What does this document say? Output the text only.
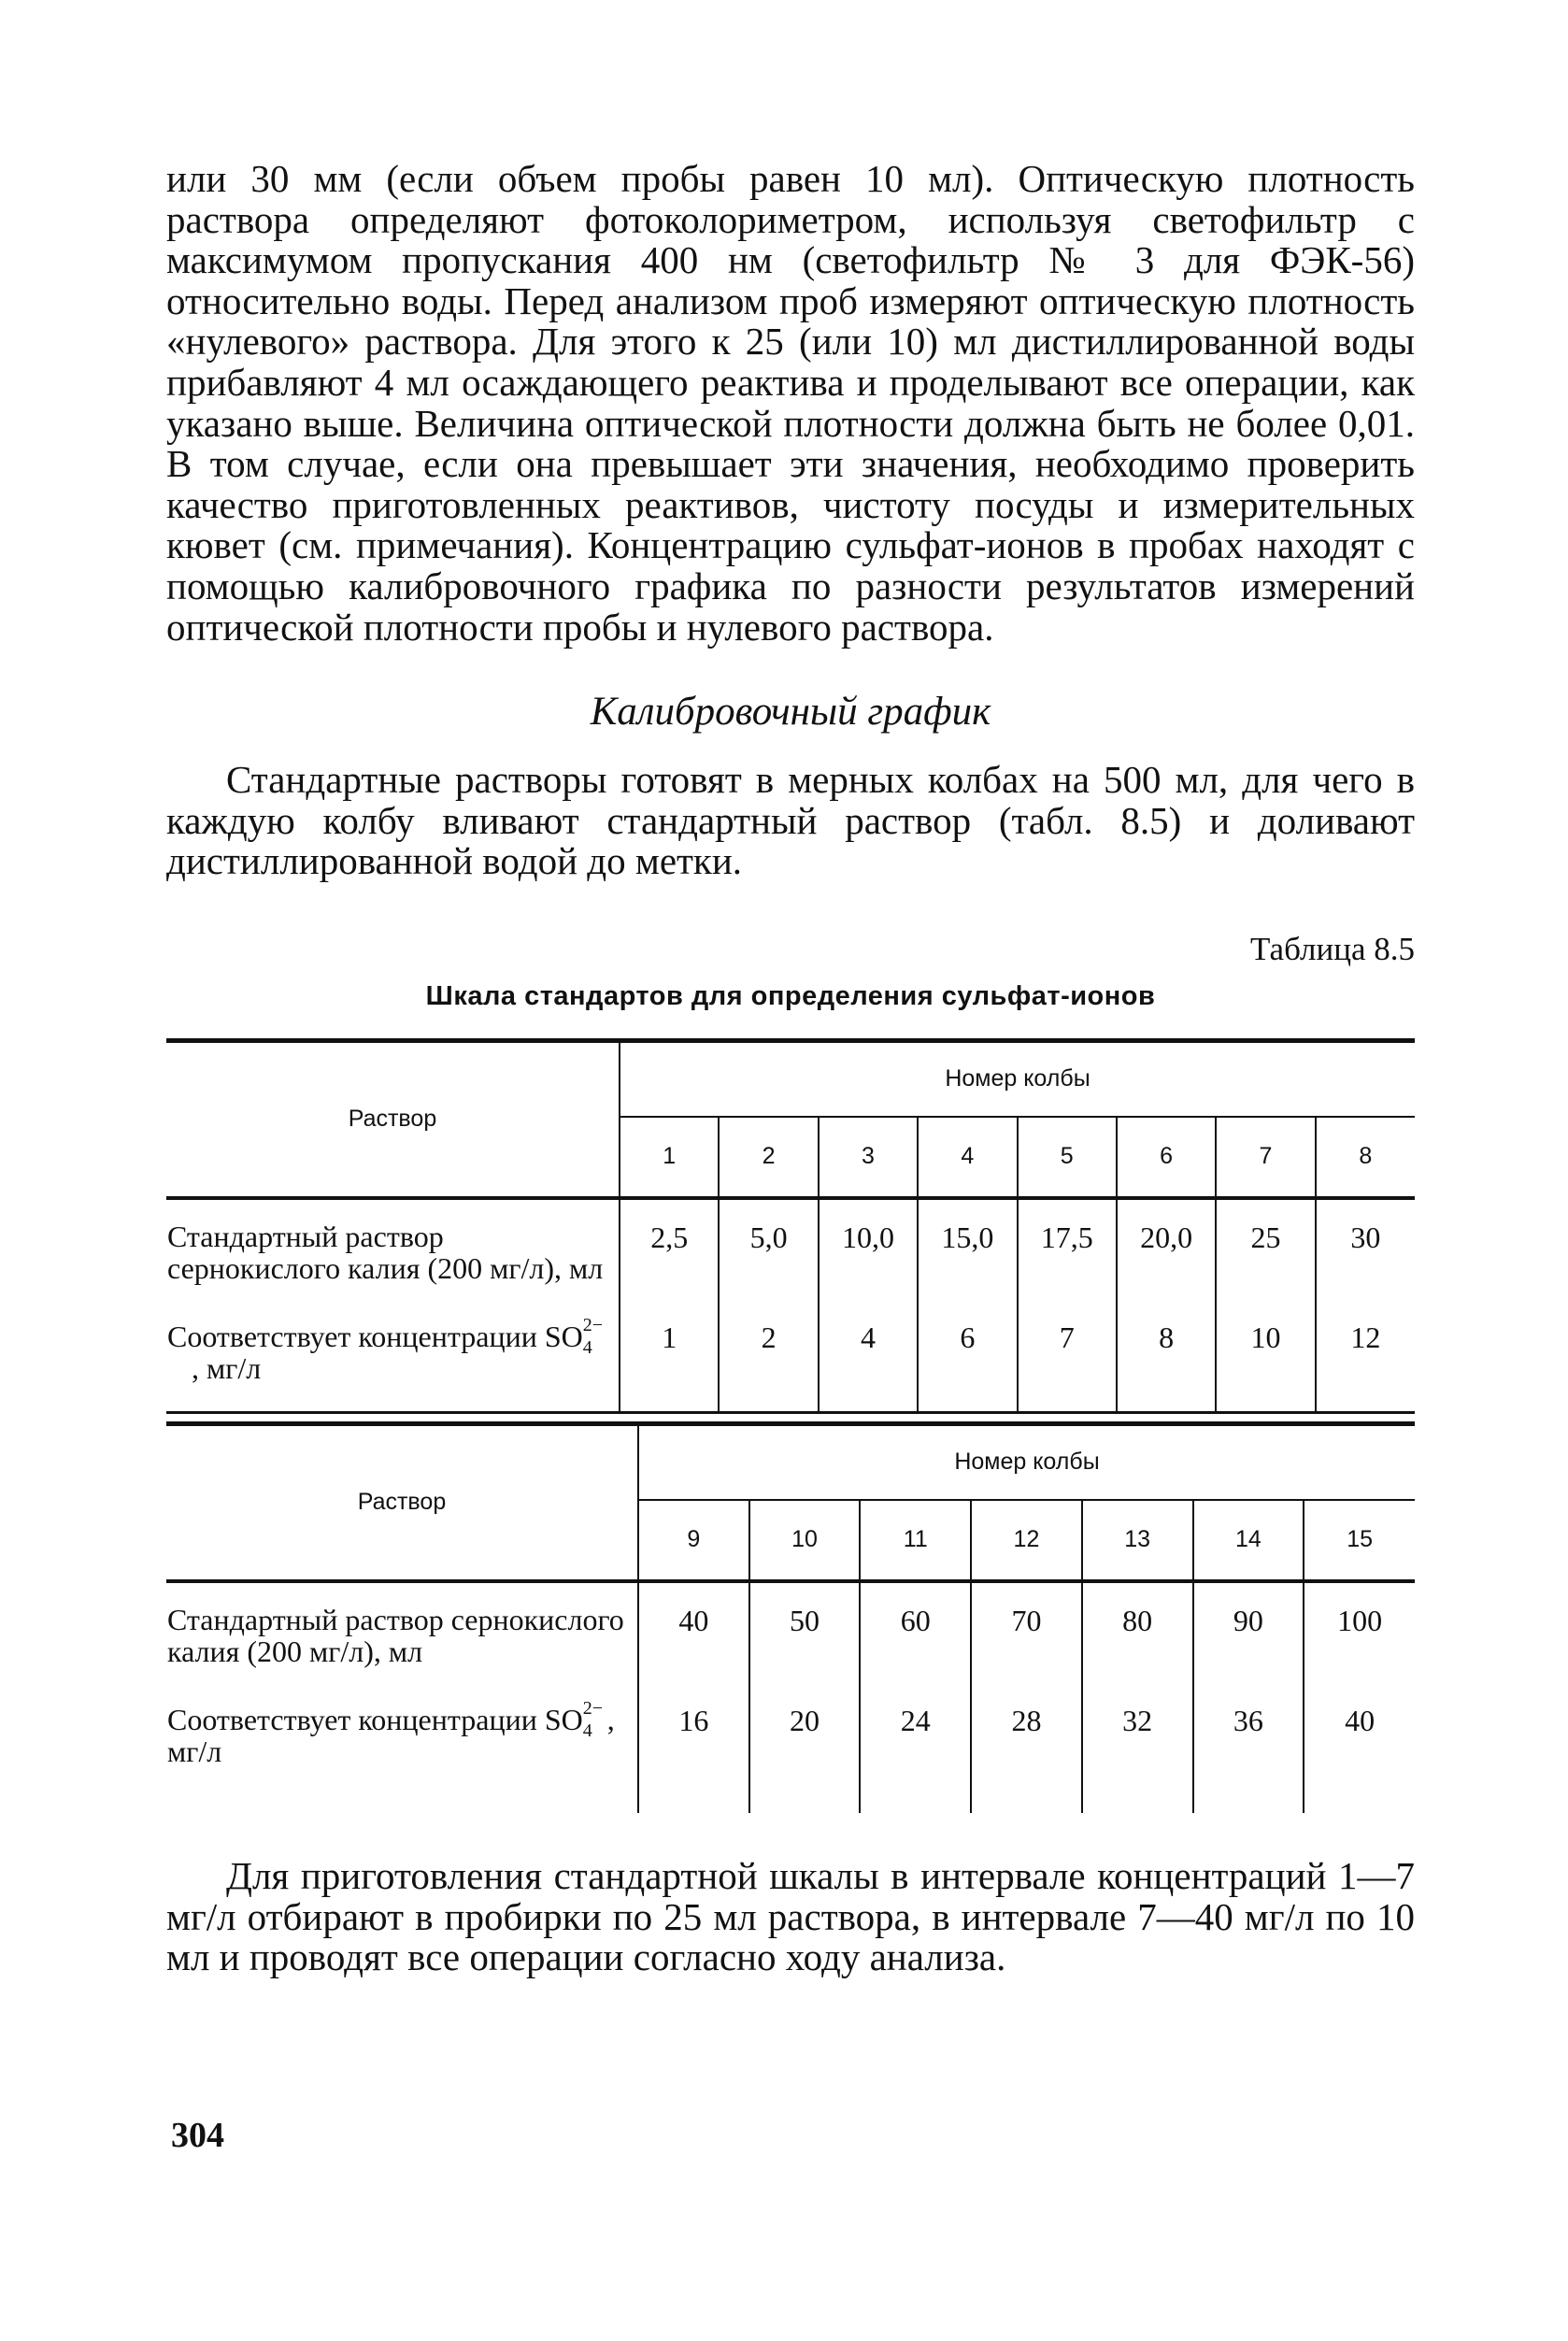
или 30 мм (если объем пробы равен 10 мл). Оптическую плотность раствора определяют фотоколориметром, используя светофильтр с максимумом пропускания 400 нм (светофильтр № 3 для ФЭК-56) относительно воды. Перед анализом проб измеряют оптическую плотность «нулевого» раствора. Для этого к 25 (или 10) мл дистиллированной воды прибавляют 4 мл осаждающего реактива и проделывают все операции, как указано выше. Величина оптической плотности должна быть не более 0,01. В том случае, если она превышает эти значения, необходимо проверить качество приготовленных реактивов, чистоту посуды и измерительных кювет (см. примечания). Концентрацию сульфат-ионов в пробах находят с помощью калибровочного графика по разности результатов измерений оптической плотности пробы и нулевого раствора.

Калибровочный график

Стандартные растворы готовят в мерных колбах на 500 мл, для чего в каждую колбу вливают стандартный раствор (табл. 8.5) и доливают дистиллированной водой до метки.

Таблица 8.5
Шкала стандартов для определения сульфат-ионов
Раствор	Номер колбы							
	1	2	3	4	5	6	7	8
Стандартный раствор сернокислого калия (200 мг/л), мл	2,5	5,0	10,0	15,0	17,5	20,0	25	30
Соответствует концентрации SO 2−
4
, мг/л	1	2	4	6	7	8	10	12
Раствор	Номер колбы						
	9	10	11	12	13	14	15
Стандартный раствор сернокислого калия (200 мг/л), мл	40	50	60	70	80	90	100
Соответствует концентрации SO 2−
4 , мг/л	16	20	24	28	32	36	40

Для приготовления стандартной шкалы в интервале концентраций 1—7 мг/л отбирают в пробирки по 25 мл раствора, в интервале 7—40 мг/л по 10 мл и проводят все операции согласно ходу анализа.

304
